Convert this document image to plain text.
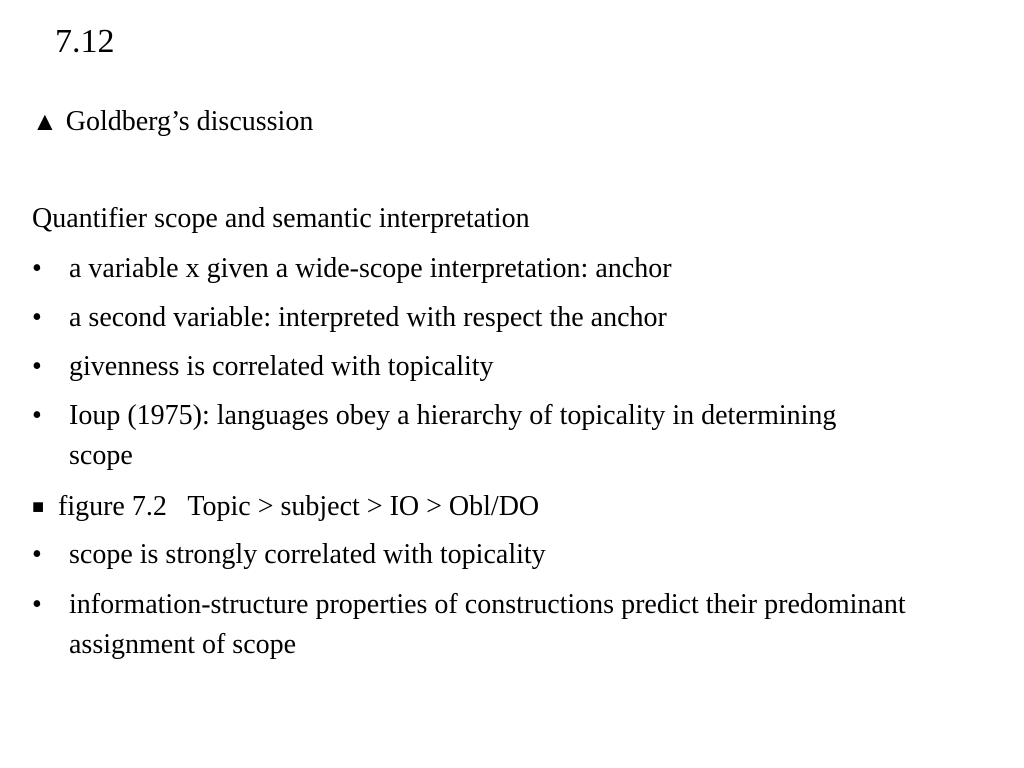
7.12
▲ Goldberg’s discussion
Quantifier scope and semantic interpretation
• a variable x given a wide-scope interpretation: anchor
• a second variable: interpreted with respect the anchor
• givenness is correlated with topicality
• Ioup (1975): languages obey a hierarchy of topicality in determining scope
■ figure 7.2   Topic > subject > IO > Obl/DO
• scope is strongly correlated with topicality
• information-structure properties of constructions predict their predominant assignment of scope
